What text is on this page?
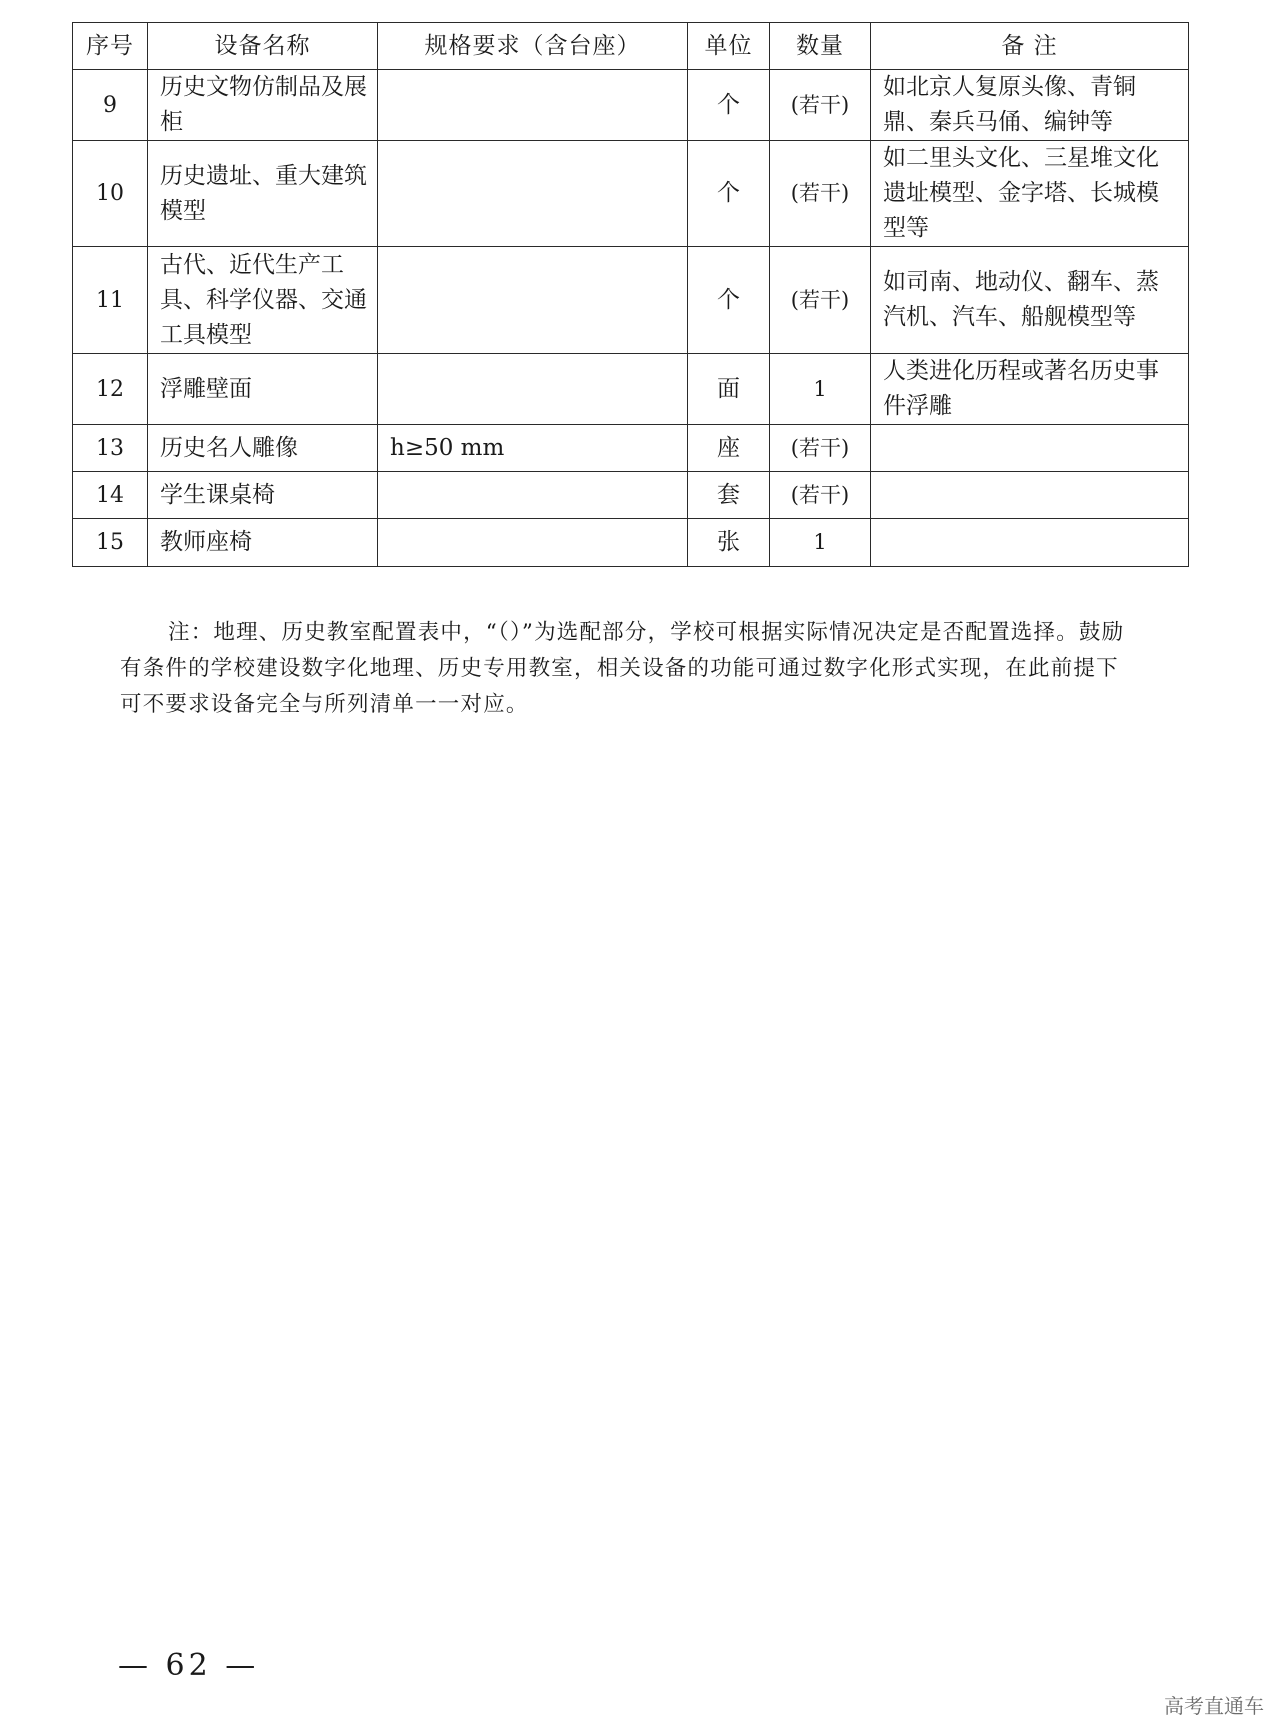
序号	设备名称	规格要求（含台座）	单位	数量	备 注
9	历史文物仿制品及展柜		个	(若干)	如北京人复原头像、青铜鼎、秦兵马俑、编钟等
10	历史遗址、重大建筑模型		个	(若干)	如二里头文化、三星堆文化遗址模型、金字塔、长城模型等
11	古代、近代生产工具、科学仪器、交通工具模型		个	(若干)	如司南、地动仪、翻车、蒸汽机、汽车、船舰模型等
12	浮雕壁面		面	1	人类进化历程或著名历史事件浮雕
13	历史名人雕像	h≥50 mm	座	(若干)	
14	学生课桌椅		套	(若干)	
15	教师座椅		张	1	

注：地理、历史教室配置表中，“（）”为选配部分，学校可根据实际情况决定是否配置选择。鼓励有条件的学校建设数字化地理、历史专用教室，相关设备的功能可通过数字化形式实现，在此前提下可不要求设备完全与所列清单一一对应。

— 62 —
高考直通车
